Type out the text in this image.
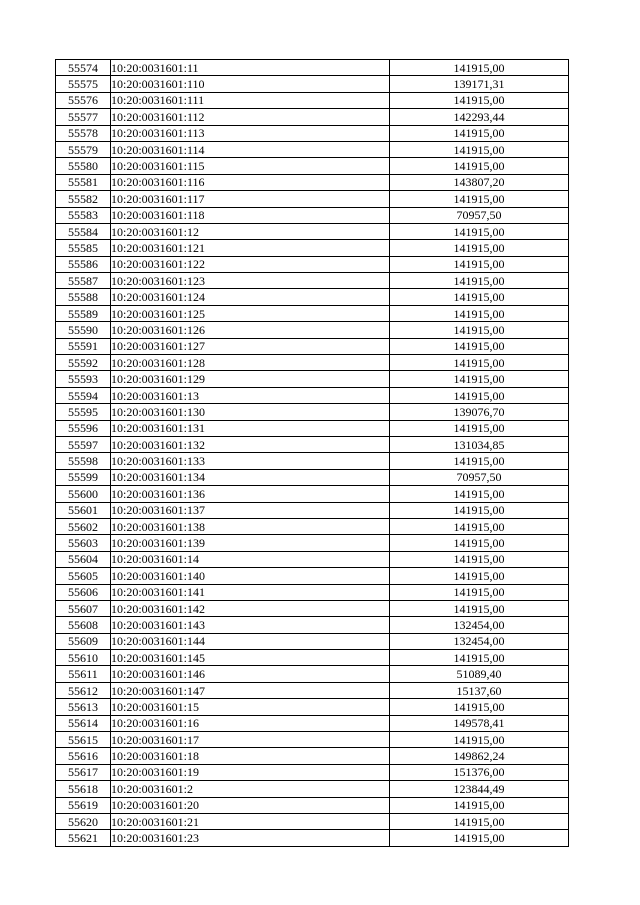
55574	10:20:0031601:11	141915,00
55575	10:20:0031601:110	139171,31
55576	10:20:0031601:111	141915,00
55577	10:20:0031601:112	142293,44
55578	10:20:0031601:113	141915,00
55579	10:20:0031601:114	141915,00
55580	10:20:0031601:115	141915,00
55581	10:20:0031601:116	143807,20
55582	10:20:0031601:117	141915,00
55583	10:20:0031601:118	70957,50
55584	10:20:0031601:12	141915,00
55585	10:20:0031601:121	141915,00
55586	10:20:0031601:122	141915,00
55587	10:20:0031601:123	141915,00
55588	10:20:0031601:124	141915,00
55589	10:20:0031601:125	141915,00
55590	10:20:0031601:126	141915,00
55591	10:20:0031601:127	141915,00
55592	10:20:0031601:128	141915,00
55593	10:20:0031601:129	141915,00
55594	10:20:0031601:13	141915,00
55595	10:20:0031601:130	139076,70
55596	10:20:0031601:131	141915,00
55597	10:20:0031601:132	131034,85
55598	10:20:0031601:133	141915,00
55599	10:20:0031601:134	70957,50
55600	10:20:0031601:136	141915,00
55601	10:20:0031601:137	141915,00
55602	10:20:0031601:138	141915,00
55603	10:20:0031601:139	141915,00
55604	10:20:0031601:14	141915,00
55605	10:20:0031601:140	141915,00
55606	10:20:0031601:141	141915,00
55607	10:20:0031601:142	141915,00
55608	10:20:0031601:143	132454,00
55609	10:20:0031601:144	132454,00
55610	10:20:0031601:145	141915,00
55611	10:20:0031601:146	51089,40
55612	10:20:0031601:147	15137,60
55613	10:20:0031601:15	141915,00
55614	10:20:0031601:16	149578,41
55615	10:20:0031601:17	141915,00
55616	10:20:0031601:18	149862,24
55617	10:20:0031601:19	151376,00
55618	10:20:0031601:2	123844,49
55619	10:20:0031601:20	141915,00
55620	10:20:0031601:21	141915,00
55621	10:20:0031601:23	141915,00
